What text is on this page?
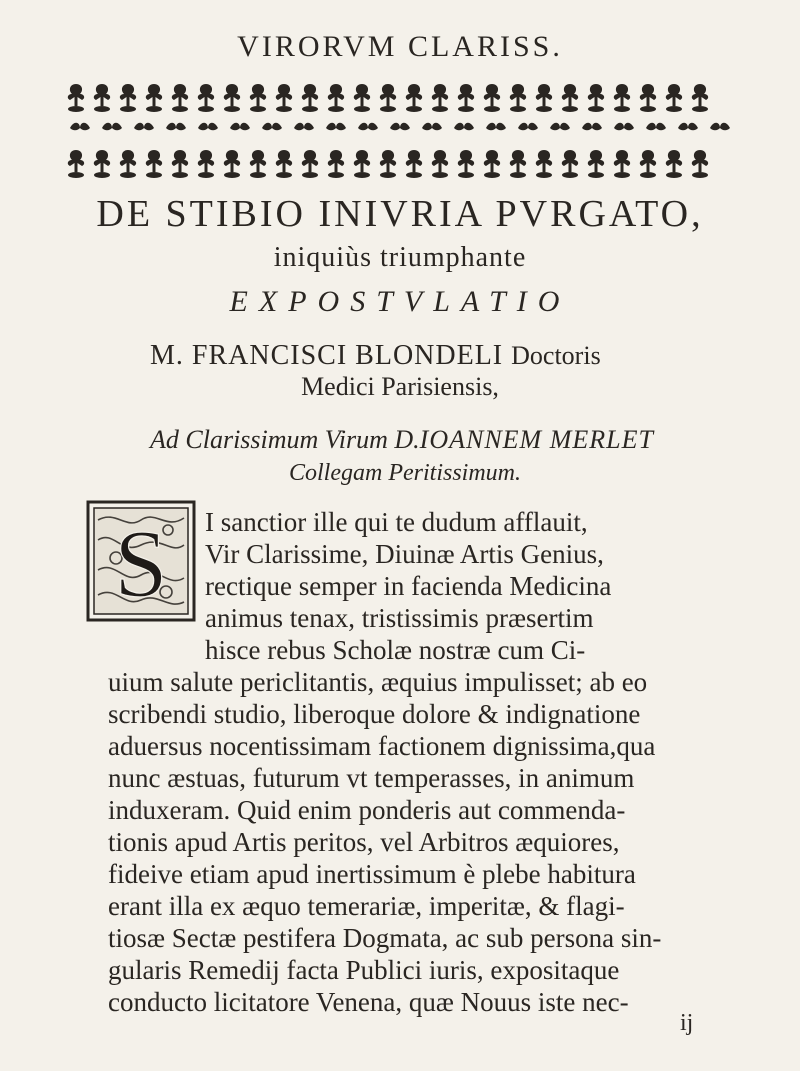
VIRORVM CLARISS.
DE STIBIO INIVRIA PVRGATO,
iniquiùs triumphante
EXPOSTVLATIO
M. FRANCISCI BLONDELI Doctoris
Medici Parisiensis,
Ad Clarissimum Virum D.IOANNEM MERLET
Collegam Peritissimum.
S I sanctior ille qui te dudum afflauit,
Vir Clarissime, Diuinæ Artis Genius,
rectique semper in facienda Medicina
animus tenax, tristissimis præsertim
hisce rebus Scholæ nostræ cum Ci-
uium salute periclitantis, æquius impulisset; ab eo
scribendi studio, liberoque dolore & indignatione
aduersus nocentissimam factionem dignissima,qua
nunc æstuas, futurum vt temperasses, in animum
induxeram. Quid enim ponderis aut commenda-
tionis apud Artis peritos, vel Arbitros æquiores,
fideive etiam apud inertissimum è plebe habitura
erant illa ex æquo temerariæ, imperitæ, & flagi-
tiosæ Sectæ pestifera Dogmata, ac sub persona sin-
gularis Remedij facta Publici iuris, expositaque
conducto licitatore Venena, quæ Nouus iste nec-
ij
